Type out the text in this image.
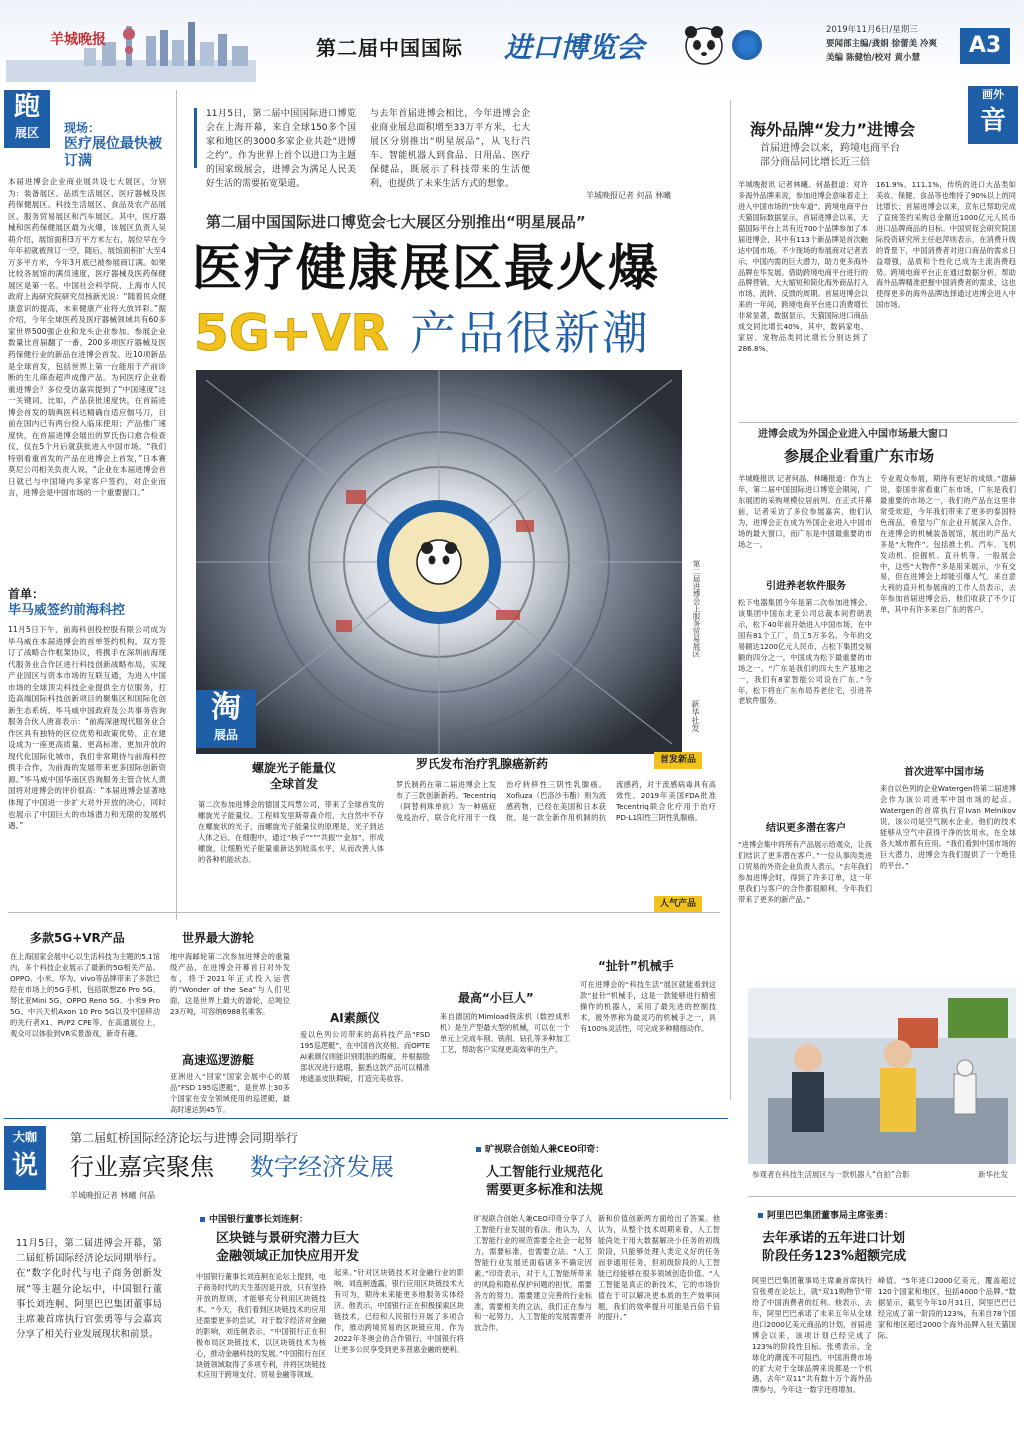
羊城晚报	第二届中国国际 进口博览会
2019年11月6日/星期三
要闻部主编/龚娟 徐蕾美 冷爽
美编 陈健怡/校对 黄小慧	A3
跑
展区	现场：
医疗展位最快被订满
本届进博会企业商业展共设七大展区，分别为：装备展区、品质生活展区、医疗器械及医药保健展区、科技生活展区、食品及农产品展区、服务贸易展区和汽车展区。其中，医疗器械和医药保健展区最为火爆，该展区负责人吴萌介绍，展馆面积3万平方米左右，展位早在今年年初就被预订一空，随后，展馆面积扩大至4万多平方米，今年3月底已被参展商订满。如果比较各展馆的满员速度，医疗器械及医药保健展区是第一名。中国社会科学院、上海市人民政府上海研究院研究员杨新光说：“随着民众健康意识的提高，未来健康产业将大放异彩。”据介绍，今年全球医药及医疗器械领域共有60多家世界500强企业和龙头企业参加。参展企业数量比首届翻了一番，200多项医疗器械及医药保健行业的新品在进博会首发。近10项新品是全球首发，包括世界上第一台能用于产前诊断的生儿筛查超声成像产品。为何医疗企业看重进博会？多位受访嘉宾提到了“中国速度”这一关键词。比如，产品获批速度快，在首届进博会首发的瑞典医科达精确自适应伽马刀，目前在国内已有两台投入临床使用；产品推广速度快，在首届进博会展出的罗氏伤口愈合检查仪，仅在5个月后就获批进入中国市场。“我们特别看重首发的产品在进博会上首发，”日本赛莫尼公司相关负责人说，“企业在本届进博会首日就已与中国境内多家客户签约，对企业而言，进博会是中国市场的一个重要窗口。”
首单：
毕马威签约前海科控
11月5日下午，前海科创投控股有限公司成为毕马威在本届进博会的首单签约机构。双方签订了战略合作框架协议，将携手在深圳前海现代服务业合作区进行科技创新战略布局，实现产业园区与资本市场的互联互通，为进入中国市场的全球顶尖科技企业提供全方位服务，打造高端国际科技创新项目的聚集区和国际化创新生态系统。毕马威中国政府及公共事务咨询服务合伙人唐喜表示：“前海深港现代服务业合作区具有独特的区位优势和政策优势，正在建设成为一座更高质量、更高标准、更加开放的现代化国际化城市，我们非常期待与前海科控携手合作，为前海的发展带来更多国际创新资源。”毕马威中国华南区咨询服务主管合伙人黄国将对进博会的评价很高：“本届进博会显著地体现了中国进一步扩大对外开放的决心，同时也展示了中国巨大的市场潜力和无限的发展机遇。”
11月5日，第二届中国国际进口博览会在上海开幕，来自全球150多个国家和地区的3000多家企业共赴“进博之约”。作为世界上首个以进口为主题的国家级展会，进博会为满足人民美好生活的需要拓宽渠道。
与去年首届进博会相比，今年进博会企业商业展总面积增至33万平方米，七大展区分别推出“明星展品”，从飞行汽车、智能机器人到食品、日用品、医疗保健品，既展示了科技带来的生活便利，也提供了未来生活方式的想象。

羊城晚报记者 何晶 林曦
第二届中国国际进口博览会七大展区分别推出“明星展品”
医疗健康展区最火爆
5G+VR 产品很新潮
第二届进博会上服务贸易展区
新华社发
淘
展品
首发新品
螺旋光子能量仪
全球首发
第二次参加进博会的德国艾玛慧公司，带来了全球首发的螺旋光子能量仪。工程师发里斯蒂森介绍，大自然中不存在螺旋状的光子，而螺旋光子能量仪的原理是，光子到达人体之后，在细胞中，通过“核子”“”“共振”“金加”，形成螺旋，让细胞光子能量重新达到较高水平，从而改善人体的各种机能状态。
罗氏发布治疗乳腺癌新药
罗氏制药在第二届进博会上发布了三款创新新药。Tecentriq（阿替利珠单抗）为一种癌症免疫治疗，联合化疗用于一线治疗转移性三阴性乳腺癌。Xofluza（巴洛沙韦酯）则为流感药物，已经在美国和日本获批，是一款全新作用机制的抗流感药，对于流感病毒具有高效性。2019年美国FDA批准Tecentriq联合化疗用于治疗PD-L1阳性三阴性乳腺癌。
人气产品
多款5G+VR产品
在上海国家会展中心以生活科技为主题的5.1馆内，多个科技企业展示了最新的5G相关产品。OPPO、小米、华为、vivo等品牌带来了多款已经在市场上的5G手机，包括联想Z6 Pro 5G、努比亚Mini 5G、OPPO Reno 5G、小米9 Pro 5G、中兴天机Axon 10 Pro 5G以及中国移动的先行者X1、Pi/P2 CPE等。在高通展位上，观众可以体验到VR实景游戏，新奇有趣。
世界最大游轮
地中海邮轮第二次参加进博会的重量级产品，在进博会开幕首日对外发布，将于2021年正式投入运营的“Wonder of the Sea”与人们见面，这是世界上最大的游轮，总吨位23万吨，可容纳6988名乘客。
高速巡逻游艇
亚洲进入“回家”国家会展中心的展品“FSD 195巡逻艇”，是世界上30多个国家在安全领域使用的巡逻艇，最高时速达到45节。

AI素颜仪
爱以色列公司带来的高科技产品“FSD 195巡逻艇”，在中国首次亮相。而OPTE AI素颜仪则能识别肌肤的瑕疵，并根据脸部状况进行遮瑕，据悉这款产品可以精准地遮盖皮肤瑕疵，打造完美妆容。
最高“小巨人”
来自德国的Mimload铣床机（数控成形机）是生产型最大型的机械，可以在一个单元上完成车削、铣削、钻孔等多种加工工艺，帮助客户实现更高效率的生产。
“扯针”机械手
可在进博会的“科技生活”展区就能看到这款“扯针”机械手，这是一款能够进行精密操作的机器人，采用了最先进的控制技术，被外界称为最灵巧的机械手之一，具有100%灵活性，可完成多种精细动作。
画外
音
海外品牌“发力”进博会
首届进博会以来，跨境电商平台
部分商品同比增长近三倍
羊城晚报讯 记者林曦、何晶报道：对许多海外品牌来说，参加进博会意味着走上进入中国市场的“快车道”。跨境电商平台天猫国际数据显示，首届进博会以来，天猫国际平台上共有近700个品牌参加了本届进博会，其中有113个新品牌是首次触达中国市场。不少现场的参展商对记者表示，中国内需的巨大潜力，助力更多海外品牌在华发展。借助跨境电商平台进行的品牌营销，大大缩短和简化海外商品打入市场、流转、反馈的周期。首届进博会以来的一年间，跨境电商平台进口消费增长非常显著，数据显示，天猫国际进口商品成交同比增长40%，其中，数码家电、家居、宠物品类同比增长分别达到了286.8%、
161.9%、111.1%，传统的进口大品类如美妆、保健、食品等也维持了90%以上的同比增长；首届进博会以来，京东已帮助完成了直接签约采购总金额近1000亿元人民币进口品牌商品的目标。中国贸促会研究院国际投资研究所主任赵萍则表示，在消费升级的背景下，中国消费者对进口商品的需求日益增强，品质和个性化已成为主流消费趋势。跨境电商平台正在通过数据分析，帮助海外品牌精准把握中国消费者的需求，这也使得更多的海外品牌选择通过进博会进入中国市场。
进博会成为外国企业进入中国市场最大窗口
参展企业看重广东市场
羊城晚报讯 记者何晶、林曦报道：作为上年，第二届中国国际进口博览会期间，广东展团的采购规模位居前列。在正式开幕前，记者采访了多位参展嘉宾，他们认为，进博会正在成为外国企业进入中国市场的最大窗口，而广东是中国最重要的市场之一。
引进养老软件服务
松下电器集团今年是第二次参加进博会。该集团中国东北亚公司总裁本间哲朗表示，松下40年前开始进入中国市场，在中国有81个工厂，员工5万多名。今年的交易额达1200亿元人民币，占松下集团交易额的四分之一，中国成为松下最重要的市场之一。“广东是我们的四大生产基地之一，我们有8家智能公司设在广东。”今年，松下将在广东布局养老住宅，引进养老软件服务。
结识更多潜在客户
“进博会集中将所有产品展示给观众，让我们结识了更多潜在客户。”一位从事肉类进口贸易的外资企业负责人表示，“去年我们参加进博会时，得到了许多订单，这一年里我们与客户的合作都很顺利，今年我们带来了更多的新产品。”
专业观众参展，期待有更好的成绩。”德赫说，泰国非常看重广东市场，广东是我们最重要的市场之一，我们的产品在这里非常受欢迎，今年我们带来了更多的泰国特色商品，希望与广东企业开展深入合作。在进博会的机械装备展馆，展出的产品大多是“大物件”。包括推土机、汽车、飞机发动机、挖掘机、直升机等。一般展会中，这些“大物件”多是用来展示，少有交易，但在进博会上却能引爆人气。来自意大利的直升机参展商的工作人员表示，去年参加首届进博会后，他们收获了不少订单，其中有许多来自广东的客户。
首次进军中国市场
来自以色列的企业Watergen将第二届进博会作为该公司进军中国市场的起点。Watergen的首席执行官Ivan Melnikov说，该公司是空气制水企业，他们的技术能够从空气中获得干净的饮用水，在全球各大城市都有应用。“我们看到中国市场的巨大潜力，进博会为我们提供了一个绝佳的平台。”
参观者在科技生活展区与一款机器人“自拍”合影	新华社发
大咖
说
第二届虹桥国际经济论坛与进博会同期举行
行业嘉宾聚焦 数字经济发展
羊城晚报记者 林曦 何晶
11月5日，第二届进博会开幕，第二届虹桥国际经济论坛同期举行。在“数字化时代与电子商务创新发展”等主题分论坛中，中国银行董事长刘连舸、阿里巴巴集团董事局主席兼首席执行官张勇等与会嘉宾分享了相关行业发展现状和前景。
中国银行董事长刘连舸：
区块链与景研究潜力巨大
金融领域正加快应用开发
中国银行董事长刘连舸在论坛上提到，电子商务时代的天生基因是开放，只有坚持开放的原则，才能够充分利用区块链技术。“今天，我们看到区块链技术的应用还需要更多的尝试，对于数字经济对金融的影响，刘连舸表示，“中国银行正在积极布局区块链技术，以区块链技术为核心，推动金融科技的发展。”中国银行在区块链领域取得了多项专利，并将区块链技术应用于跨境支付、贸易金融等领域。
起来。”针对区块链技术对金融行业的影响，刘连舸透露，银行应用区块链技术大有可为，期待未来能更多地服务实体经济。他表示，中国银行正在积极探索区块链技术，已经和人民银行开展了多项合作，推动跨境贸易的区块链应用。作为2022年冬奥会的合作银行，中国银行将让更多公民享受到更多普惠金融的便利。
旷视联合创始人兼CEO印奇：
人工智能行业规范化
需要更多标准和法规
旷视联合创始人兼CEO印奇分享了人工智能行业发展的看法。他认为，人工智能行业的规范需要全社会一起努力，需要标准，也需要立法。“人工智能行业发展还面临诸多不确定因素。”印奇表示，对于人工智能所带来的风险和隐私保护问题的担忧，需要各方的努力。需要建立完善的行业标准，需要相关的立法，我们正在参与和一起努力，人工智能的发展需要开放合作。
新和价值创新两方面给出了答案。他认为，从整个技术周期来看，人工智能尚处于用大数据解决小任务的初级阶段，只能够处理人类定义好的任务而非通用任务，但初级阶段的人工智能已经能够在很多领域创造价值。“人工智能是真正的新技术，它的市场价值在于可以解决更本质的生产效率问题，我们的效率提升可能是百倍千倍的提升。”
阿里巴巴集团董事局主席张勇：
去年承诺的五年进口计划
阶段任务123%超额完成
阿里巴巴集团董事局主席兼首席执行官张勇在论坛上，就“双11购物节”带给了中国消费者的红利。他表示，去年，阿里巴巴承诺了未来五年从全球进口2000亿美元商品的计划，首届进博会以来，该项计划已经完成了123%的阶段性目标。张勇表示，全球化的潮流不可阻挡，中国消费市场的扩大对于全球品牌来说都是一个机遇，去年“双11”共有数十万个海外品牌参与，今年这一数字还将增加。
峰值。“5年进口2000亿美元，覆盖超过120个国家和地区，包括4000个品牌。”数据显示，截至今年10月31日，阿里巴巴已经完成了第一阶段的123%，有来自78个国家和地区超过2000个海外品牌入驻天猫国际。
